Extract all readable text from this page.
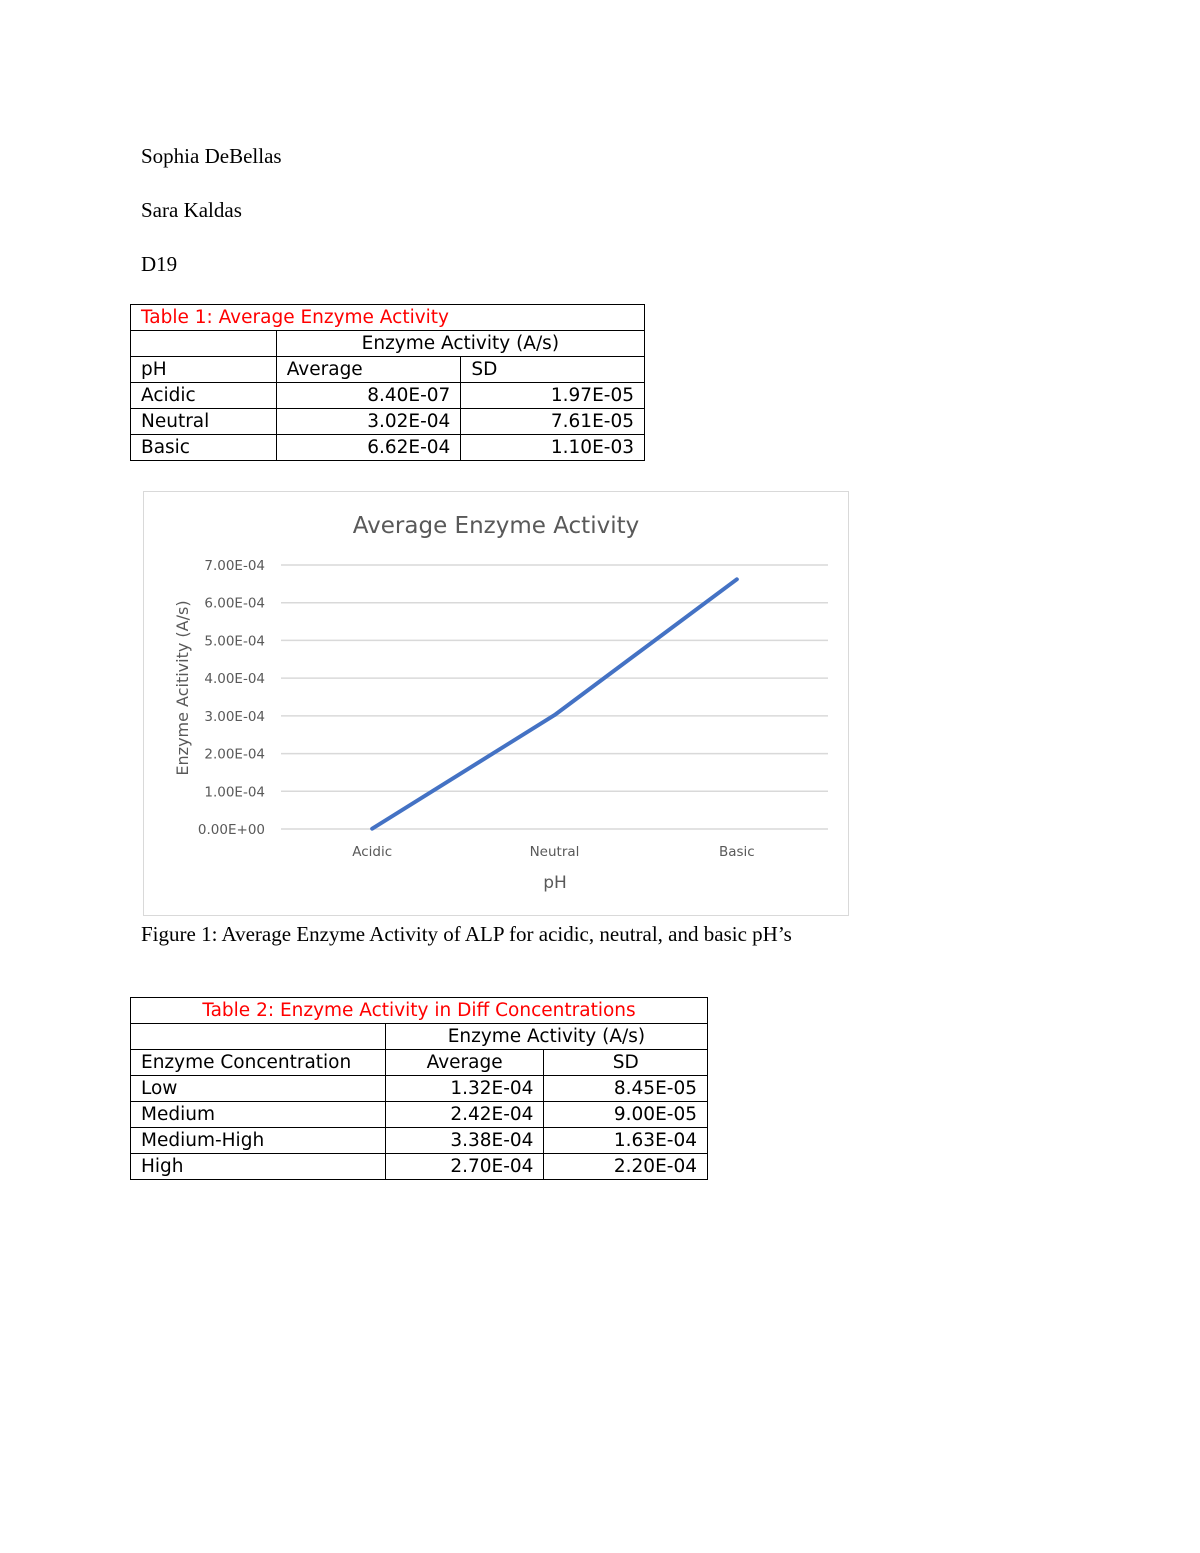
Sophia DeBellas
Sara Kaldas
D19
Table 1: Average Enzyme Activity		
	Enzyme Activity (A/s)	
pH	Average	SD
Acidic	8.40E-07	1.97E-05
Neutral	3.02E-04	7.61E-05
Basic	6.62E-04	1.10E-03
Average Enzyme Activity
0.00E+00
1.00E-04
2.00E-04
3.00E-04
4.00E-04
5.00E-04
6.00E-04
7.00E-04
Acidic	Neutral	Basic
pH
Enzyme Acitivity (A/s)
Figure 1: Average Enzyme Activity of ALP for acidic, neutral, and basic pH’s
Table 2: Enzyme Activity in Diff Concentrations		
	Enzyme Activity (A/s)	
Enzyme Concentration	Average	SD
Low	1.32E-04	8.45E-05
Medium	2.42E-04	9.00E-05
Medium-High	3.38E-04	1.63E-04
High	2.70E-04	2.20E-04
